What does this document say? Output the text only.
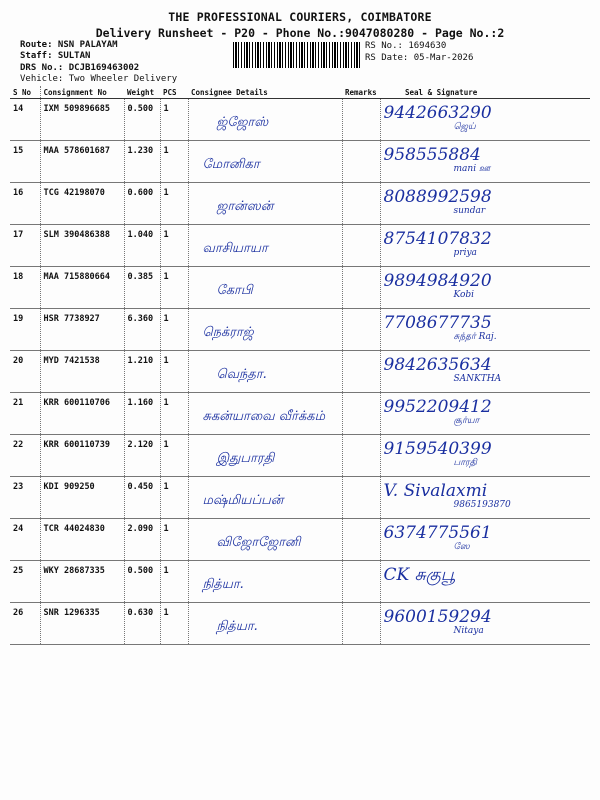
THE PROFESSIONAL COURIERS, COIMBATORE
Delivery Runsheet - P20 - Phone No.:9047080280 - Page No.:2
Route: NSN PALAYAM
Staff: SULTAN
DRS No.: DCJB169463002
Vehicle: Two Wheeler Delivery
RS No.: 1694630
RS Date: 05-Mar-2026
S No	Consignment No	Weight	PCS	Consignee Details	Remarks	Seal & Signature
14	IXM 509896685	0.500	1	ஜ்ஜோஸ்		9442663290
ஜெய்

15	MAA 578601687	1.230	1	மோனிகா		958555884
mani ஊ

16	TCG 42198070	0.600	1	ஜான்ஸன்		8088992598
sundar

17	SLM 390486388	1.040	1	வாசியாயா		8754107832
priya

18	MAA 715880664	0.385	1	கோபி		9894984920
Kobi

19	HSR 7738927	6.360	1	நெக்ராஜ்		7708677735
சுந்தர் Raj.

20	MYD 7421538	1.210	1	வெந்தா.		9842635634
SANKTHA

21	KRR 600110706	1.160	1	சுகன்யாவை வீர்க்கம்		9952209412
சூர்யா

22	KRR 600110739	2.120	1	இதுபாரதி		9159540399
பாரதி

23	KDI 909250	0.450	1	மஷ்மியப்பன்		V. Sivalaxmi
9865193870

24	TCR 44024830	2.090	1	விஜோஜோனி		6374775561
ஸே

25	WKY 28687335	0.500	1	நித்யா.		CK சுகுபூ

26	SNR 1296335	0.630	1	நித்யா.		9600159294
Nitaya
